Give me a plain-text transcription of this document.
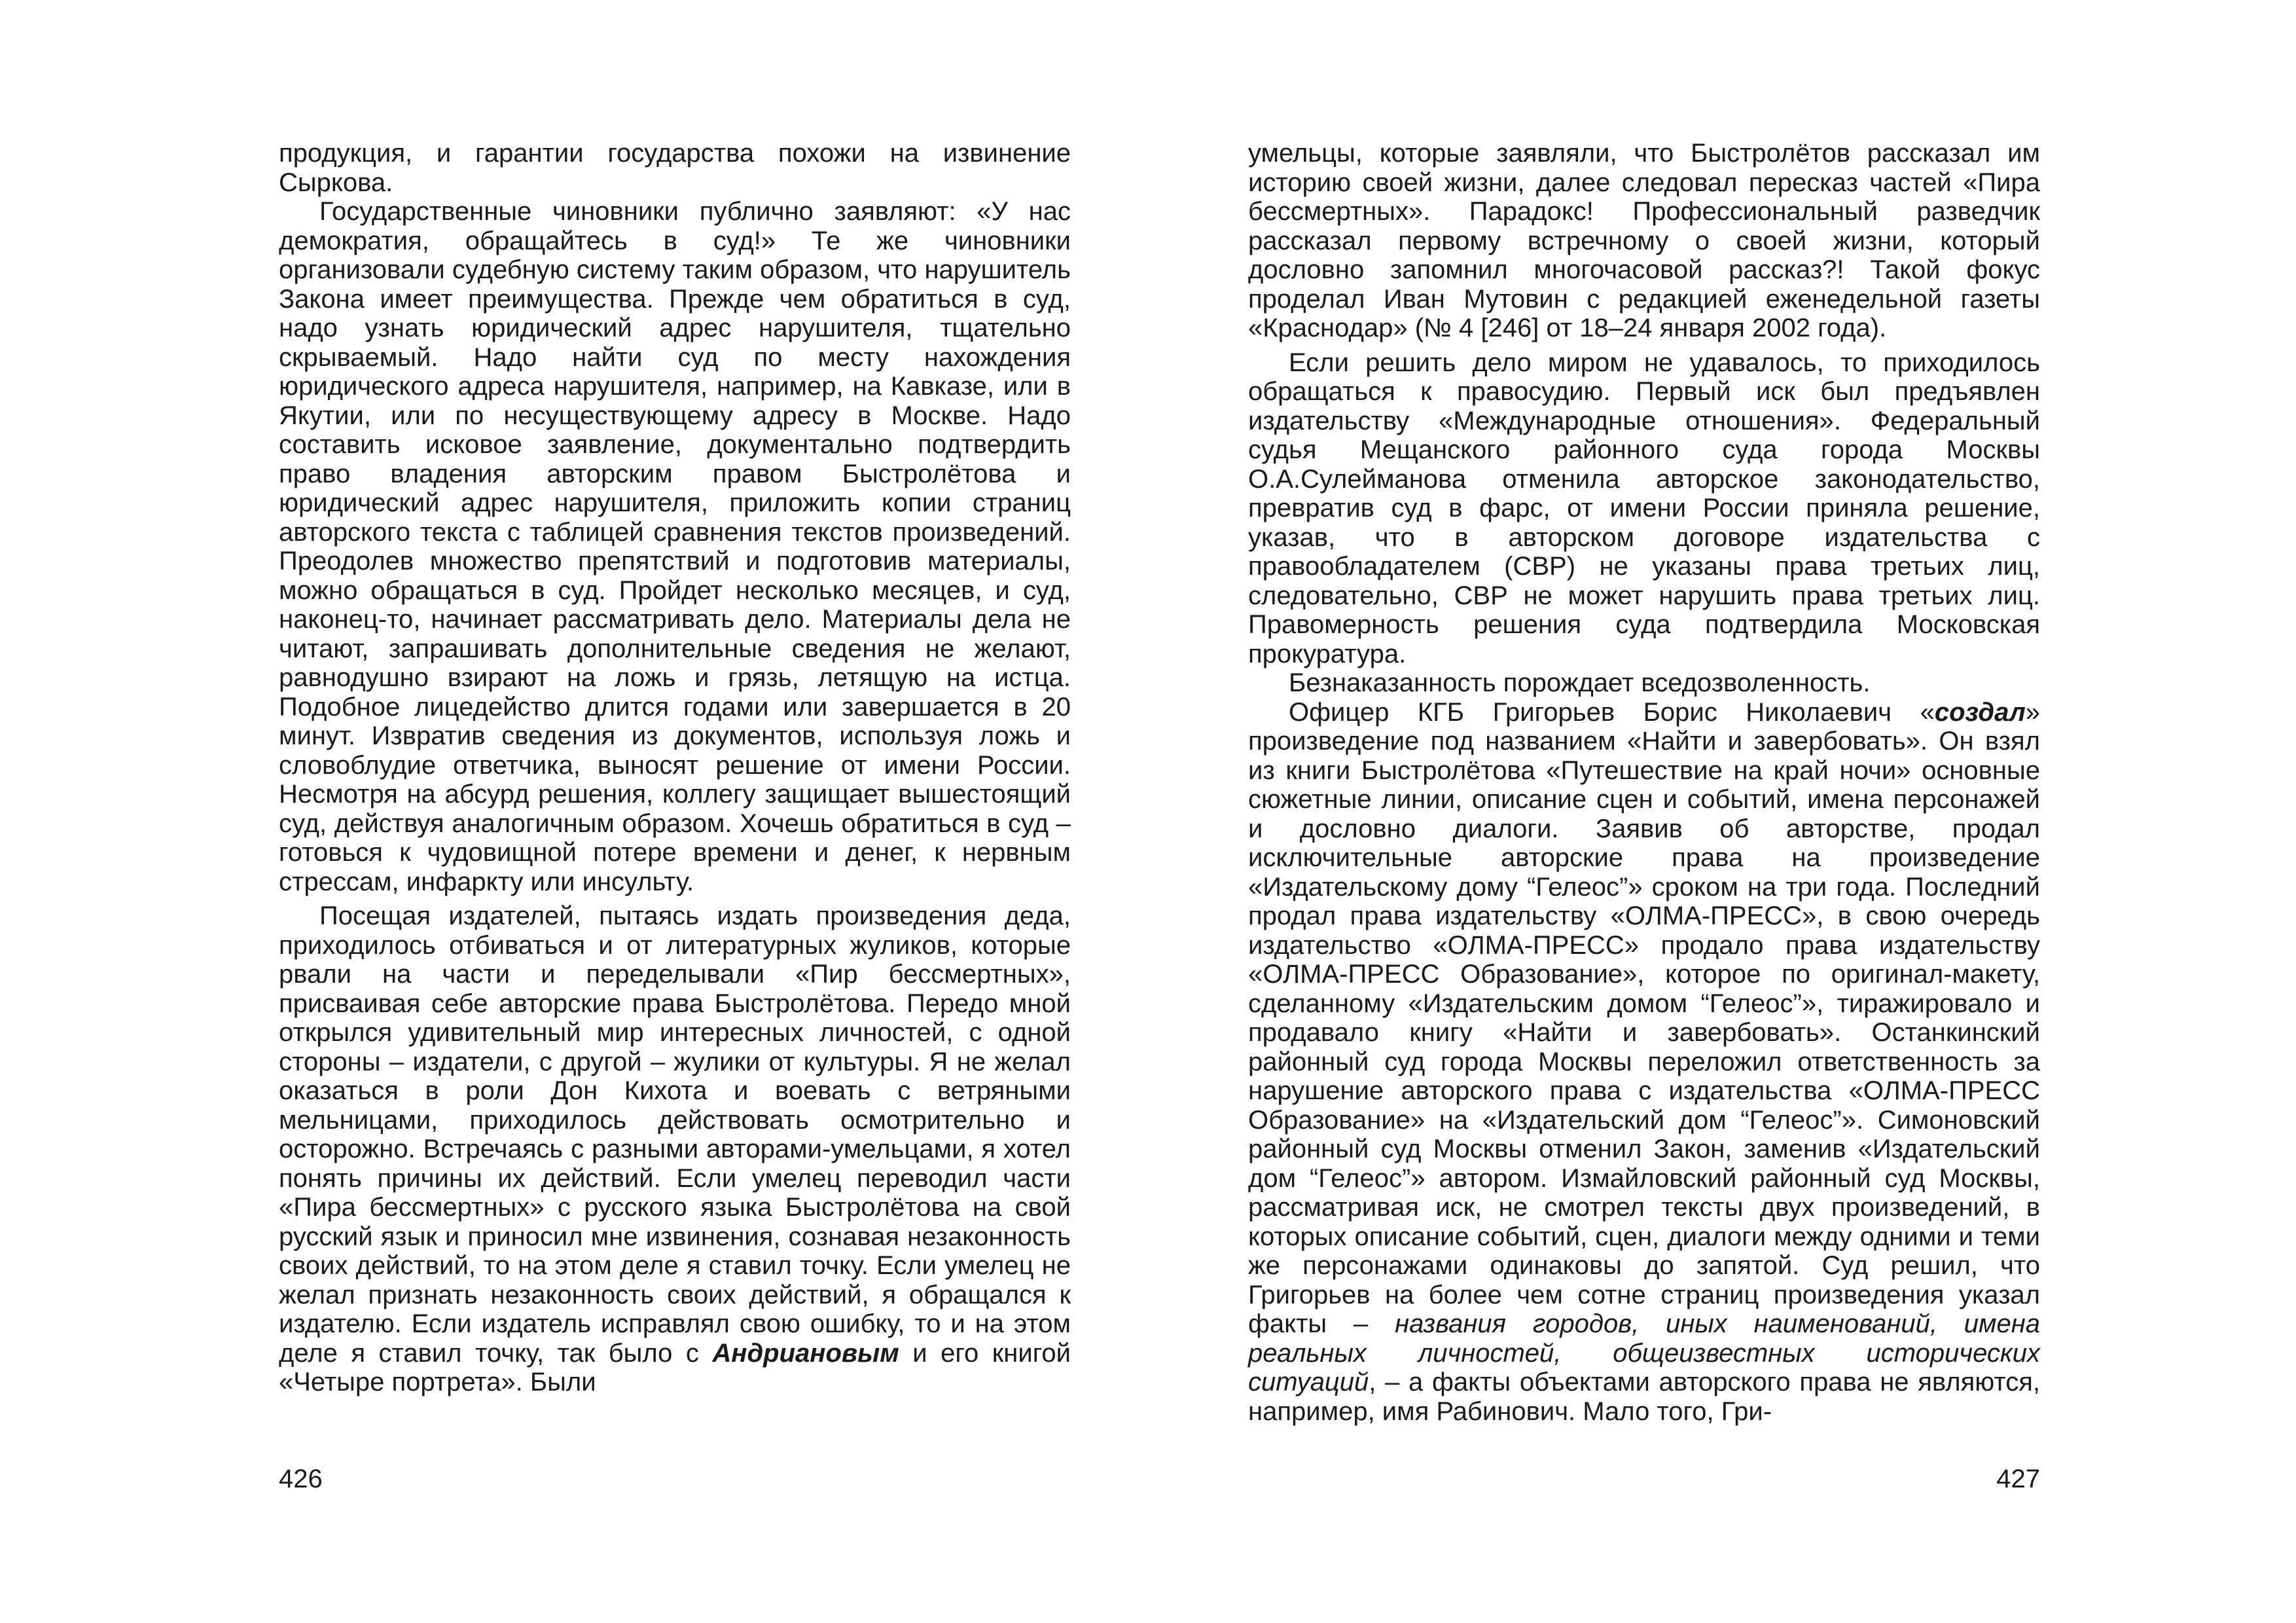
продукция, и гарантии государства похожи на извинение Сыркова.

Государственные чиновники публично заявляют: «У нас демократия, обращайтесь в суд!» Те же чиновники организовали судебную систему таким образом, что нарушитель Закона имеет преимущества. Прежде чем обратиться в суд, надо узнать юридический адрес нарушителя, тщательно скрываемый. Надо найти суд по месту нахождения юридического адреса нарушителя, например, на Кавказе, или в Якутии, или по несуществующему адресу в Москве. Надо составить исковое заявление, документально подтвердить право владения авторским правом Быстролётова и юридический адрес нарушителя, приложить копии страниц авторского текста с таблицей сравнения текстов произведений. Преодолев множество препятствий и подготовив материалы, можно обращаться в суд. Пройдет несколько месяцев, и суд, наконец-то, начинает рассматривать дело. Материалы дела не читают, запрашивать дополнительные сведения не желают, равнодушно взирают на ложь и грязь, летящую на истца. Подобное лицедейство длится годами или завершается в 20 минут. Извратив сведения из документов, используя ложь и словоблудие ответчика, выносят решение от имени России. Несмотря на абсурд решения, коллегу защищает вышестоящий суд, действуя аналогичным образом. Хочешь обратиться в суд – готовься к чудовищной потере времени и денег, к нервным стрессам, инфаркту или инсульту.

Посещая издателей, пытаясь издать произведения деда, приходилось отбиваться и от литературных жуликов, которые рвали на части и переделывали «Пир бессмертных», присваивая себе авторские права Быстролётова. Передо мной открылся удивительный мир интересных личностей, с одной стороны – издатели, с другой – жулики от культуры. Я не желал оказаться в роли Дон Кихота и воевать с ветряными мельницами, приходилось действовать осмотрительно и осторожно. Встречаясь с разными авторами-умельцами, я хотел понять причины их действий. Если умелец переводил части «Пира бессмертных» с русского языка Быстролётова на свой русский язык и приносил мне извинения, сознавая незаконность своих действий, то на этом деле я ставил точку. Если умелец не желал признать незаконность своих действий, я обращался к издателю. Если издатель исправлял свою ошибку, то и на этом деле я ставил точку, так было с Андриановым и его книгой «Четыре портрета». Были

426

умельцы, которые заявляли, что Быстролётов рассказал им историю своей жизни, далее следовал пересказ частей «Пира бессмертных». Парадокс! Профессиональный разведчик рассказал первому встречному о своей жизни, который дословно запомнил многочасовой рассказ?! Такой фокус проделал Иван Мутовин с редакцией еженедельной газеты «Краснодар» (№ 4 [246] от 18–24 января 2002 года).

Если решить дело миром не удавалось, то приходилось обращаться к правосудию. Первый иск был предъявлен издательству «Международные отношения». Федеральный судья Мещанского районного суда города Москвы О.А.Сулейманова отменила авторское законодательство, превратив суд в фарс, от имени России приняла решение, указав, что в авторском договоре издательства с правообладателем (СВР) не указаны права третьих лиц, следовательно, СВР не может нарушить права третьих лиц. Правомерность решения суда подтвердила Московская прокуратура.

Безнаказанность порождает вседозволенность.

Офицер КГБ Григорьев Борис Николаевич «создал» произведение под названием «Найти и завербовать». Он взял из книги Быстролётова «Путешествие на край ночи» основные сюжетные линии, описание сцен и событий, имена персонажей и дословно диалоги. Заявив об авторстве, продал исключительные авторские права на произведение «Издательскому дому “Гелеос”» сроком на три года. Последний продал права издательству «ОЛМА-ПРЕСС», в свою очередь издательство «ОЛМА-ПРЕСС» продало права издательству «ОЛМА-ПРЕСС Образование», которое по оригинал-макету, сделанному «Издательским домом “Гелеос”», тиражировало и продавало книгу «Найти и завербовать». Останкинский районный суд города Москвы переложил ответственность за нарушение авторского права с издательства «ОЛМА-ПРЕСС Образование» на «Издательский дом “Гелеос”». Симоновский районный суд Москвы отменил Закон, заменив «Издательский дом “Гелеос”» автором. Измайловский районный суд Москвы, рассматривая иск, не смотрел тексты двух произведений, в которых описание событий, сцен, диалоги между одними и теми же персонажами одинаковы до запятой. Суд решил, что Григорьев на более чем сотне страниц произведения указал факты – названия городов, иных наименований, имена реальных личностей, общеизвестных исторических ситуаций, – а факты объектами авторского права не являются, например, имя Рабинович. Мало того, Гри-

427
